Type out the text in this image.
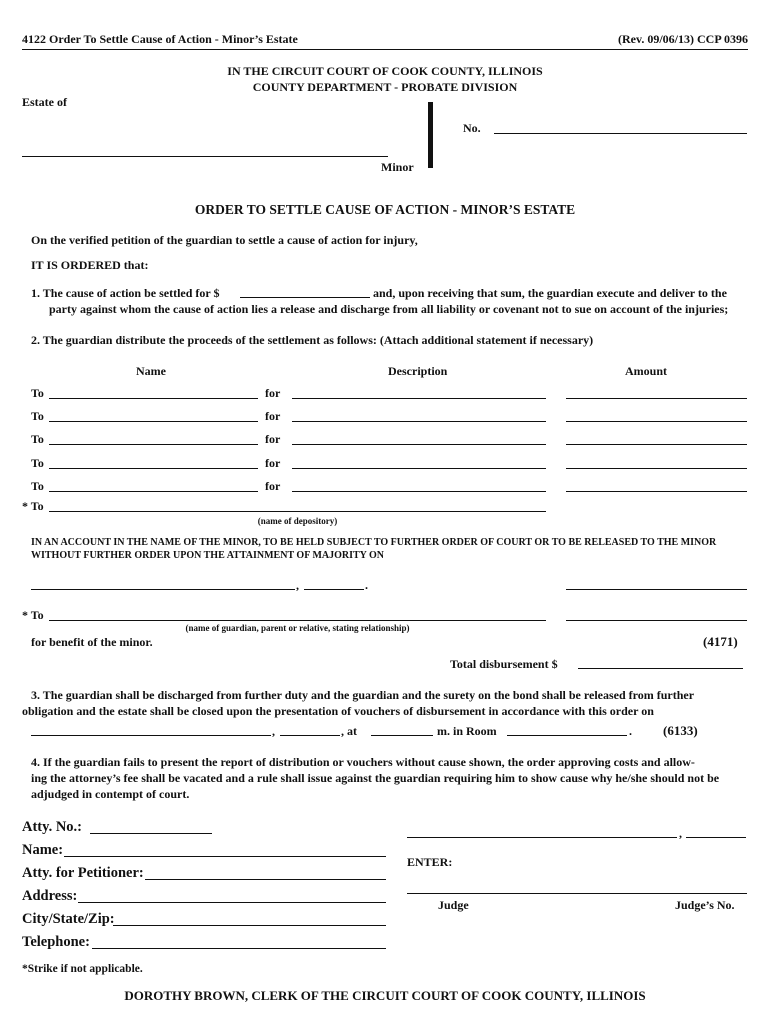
4122 Order To Settle Cause of Action - Minor’s Estate	(Rev. 09/06/13) CCP 0396
IN THE CIRCUIT COURT OF COOK COUNTY, ILLINOIS
COUNTY DEPARTMENT - PROBATE DIVISION
Estate of
Minor
No.
ORDER TO SETTLE CAUSE OF ACTION - MINOR’S ESTATE
On the verified petition of the guardian to settle a cause of action for injury,
IT IS ORDERED that:
1. The cause of action be settled for $	and, upon receiving that sum, the guardian execute and deliver to the
party against whom the cause of action lies a release and discharge from all liability or covenant not to sue on account of the injuries;
2. The guardian distribute the proceeds of the settlement as follows: (Attach additional statement if necessary)
Name	Description	Amount
To	for
To	for
To	for
To	for
To	for
* To
(name of depository)
IN AN ACCOUNT IN THE NAME OF THE MINOR, TO BE HELD SUBJECT TO FURTHER ORDER OF COURT OR TO BE RELEASED TO THE MINOR
WITHOUT FURTHER ORDER UPON THE ATTAINMENT OF MAJORITY ON
,	.
* To
(name of guardian, parent or relative, stating relationship)
for benefit of the minor.	(4171)
Total disbursement $
3. The guardian shall be discharged from further duty and the guardian and the surety on the bond shall be released from further
obligation and the estate shall be closed upon the presentation of vouchers of disbursement in accordance with this order on
,	, at	m. in Room	. (6133)
4. If the guardian fails to present the report of distribution or vouchers without cause shown, the order approving costs and allow-
ing the attorney’s fee shall be vacated and a rule shall issue against the guardian requiring him to show cause why he/she should not be
adjudged in contempt of court.
Atty. No.:
Name:
Atty. for Petitioner:
Address:
City/State/Zip:
Telephone:
,
ENTER:
Judge	Judge’s No.
*Strike if not applicable.
DOROTHY BROWN, CLERK OF THE CIRCUIT COURT OF COOK COUNTY, ILLINOIS
